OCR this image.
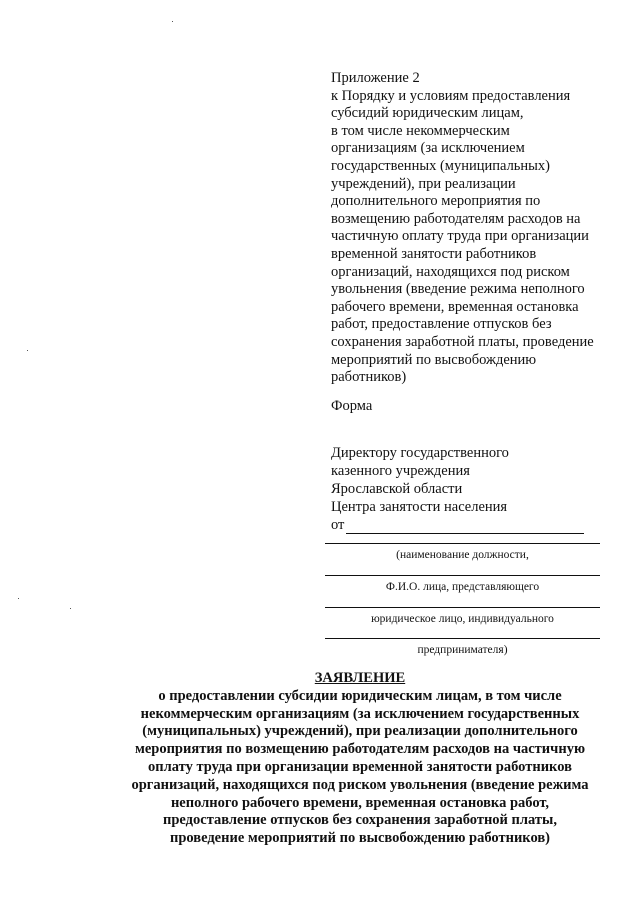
Приложение 2
к Порядку и условиям предоставления
субсидий юридическим лицам,
в том числе некоммерческим
организациям (за исключением
государственных (муниципальных)
учреждений), при реализации
дополнительного мероприятия по
возмещению работодателям расходов на
частичную оплату труда при организации
временной занятости работников
организаций, находящихся под риском
увольнения (введение режима неполного
рабочего времени, временная остановка
работ, предоставление отпусков без
сохранения заработной платы, проведение
мероприятий по высвобождению
работников)
Форма
Директору государственного
казенного учреждения
Ярославской области
Центра занятости населения
от
(наименование должности,
Ф.И.О. лица, представляющего
юридическое лицо, индивидуального
предпринимателя)
ЗАЯВЛЕНИЕ
о предоставлении субсидии юридическим лицам, в том числе
некоммерческим организациям (за исключением государственных
(муниципальных) учреждений), при реализации дополнительного
мероприятия по возмещению работодателям расходов на частичную
оплату труда при организации временной занятости работников
организаций, находящихся под риском увольнения (введение режима
неполного рабочего времени, временная остановка работ,
предоставление отпусков без сохранения заработной платы,
проведение мероприятий по высвобождению работников)
